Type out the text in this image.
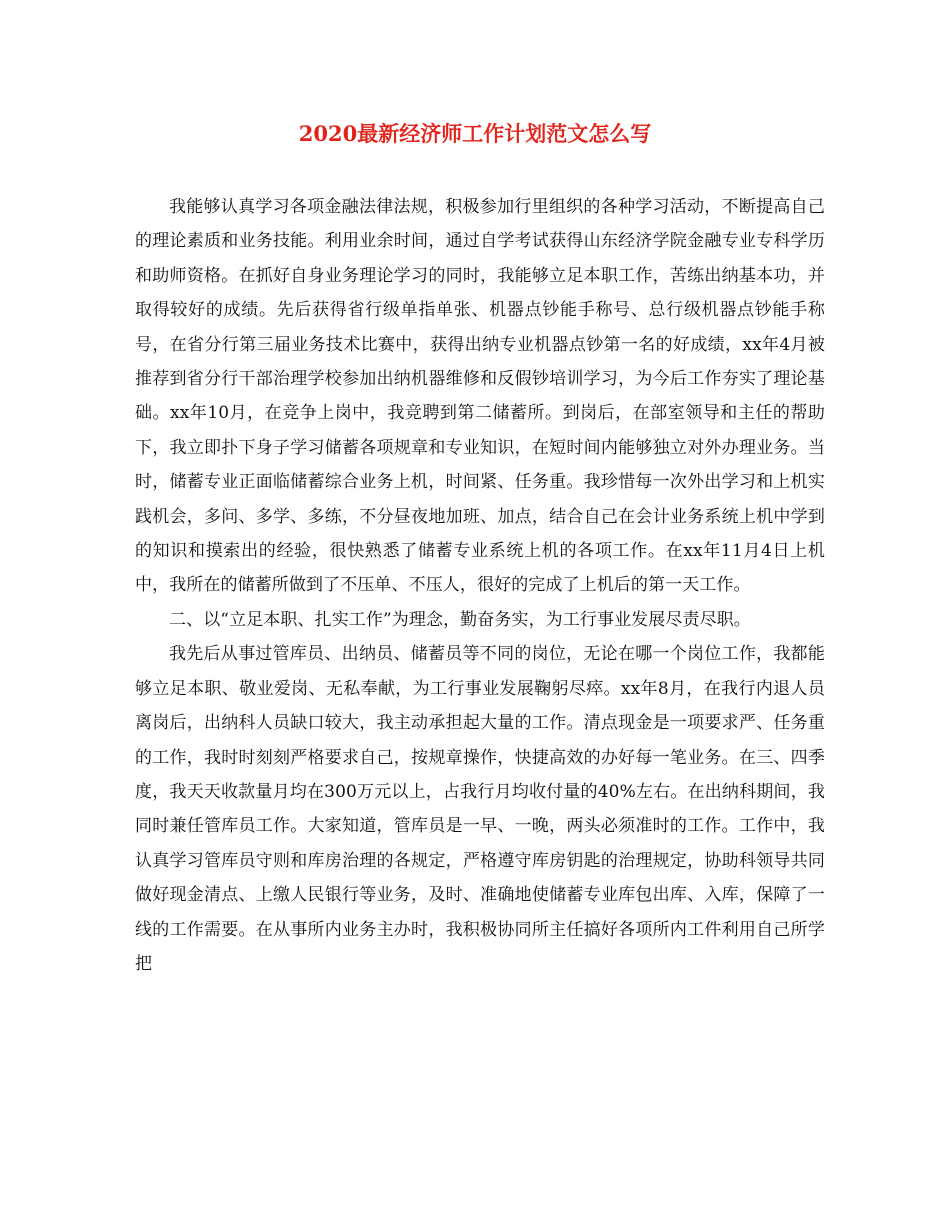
2020最新经济师工作计划范文怎么写

我能够认真学习各项金融法律法规，积极参加行里组织的各种学习活动，不断提高自己的理论素质和业务技能。利用业余时间，通过自学考试获得山东经济学院金融专业专科学历和助师资格。在抓好自身业务理论学习的同时，我能够立足本职工作，苦练出纳基本功，并取得较好的成绩。先后获得省行级单指单张、机器点钞能手称号、总行级机器点钞能手称号，在省分行第三届业务技术比赛中，获得出纳专业机器点钞第一名的好成绩，xx年4月被推荐到省分行干部治理学校参加出纳机器维修和反假钞培训学习，为今后工作夯实了理论基础。xx年10月，在竞争上岗中，我竞聘到第二储蓄所。到岗后，在部室领导和主任的帮助下，我立即扑下身子学习储蓄各项规章和专业知识，在短时间内能够独立对外办理业务。当时，储蓄专业正面临储蓄综合业务上机，时间紧、任务重。我珍惜每一次外出学习和上机实践机会，多问、多学、多练，不分昼夜地加班、加点，结合自己在会计业务系统上机中学到的知识和摸索出的经验，很快熟悉了储蓄专业系统上机的各项工作。在xx年11月4日上机中，我所在的储蓄所做到了不压单、不压人，很好的完成了上机后的第一天工作。

二、以“立足本职、扎实工作”为理念，勤奋务实，为工行事业发展尽责尽职。

我先后从事过管库员、出纳员、储蓄员等不同的岗位，无论在哪一个岗位工作，我都能够立足本职、敬业爱岗、无私奉献，为工行事业发展鞠躬尽瘁。xx年8月，在我行内退人员离岗后，出纳科人员缺口较大，我主动承担起大量的工作。清点现金是一项要求严、任务重的工作，我时时刻刻严格要求自己，按规章操作，快捷高效的办好每一笔业务。在三、四季度，我天天收款量月均在300万元以上，占我行月均收付量的40%左右。在出纳科期间，我同时兼任管库员工作。大家知道，管库员是一早、一晚，两头必须准时的工作。工作中，我认真学习管库员守则和库房治理的各规定，严格遵守库房钥匙的治理规定，协助科领导共同做好现金清点、上缴人民银行等业务，及时、准确地使储蓄专业库包出库、入库，保障了一线的工作需要。在从事所内业务主办时，我积极协同所主任搞好各项所内工件利用自己所学把
